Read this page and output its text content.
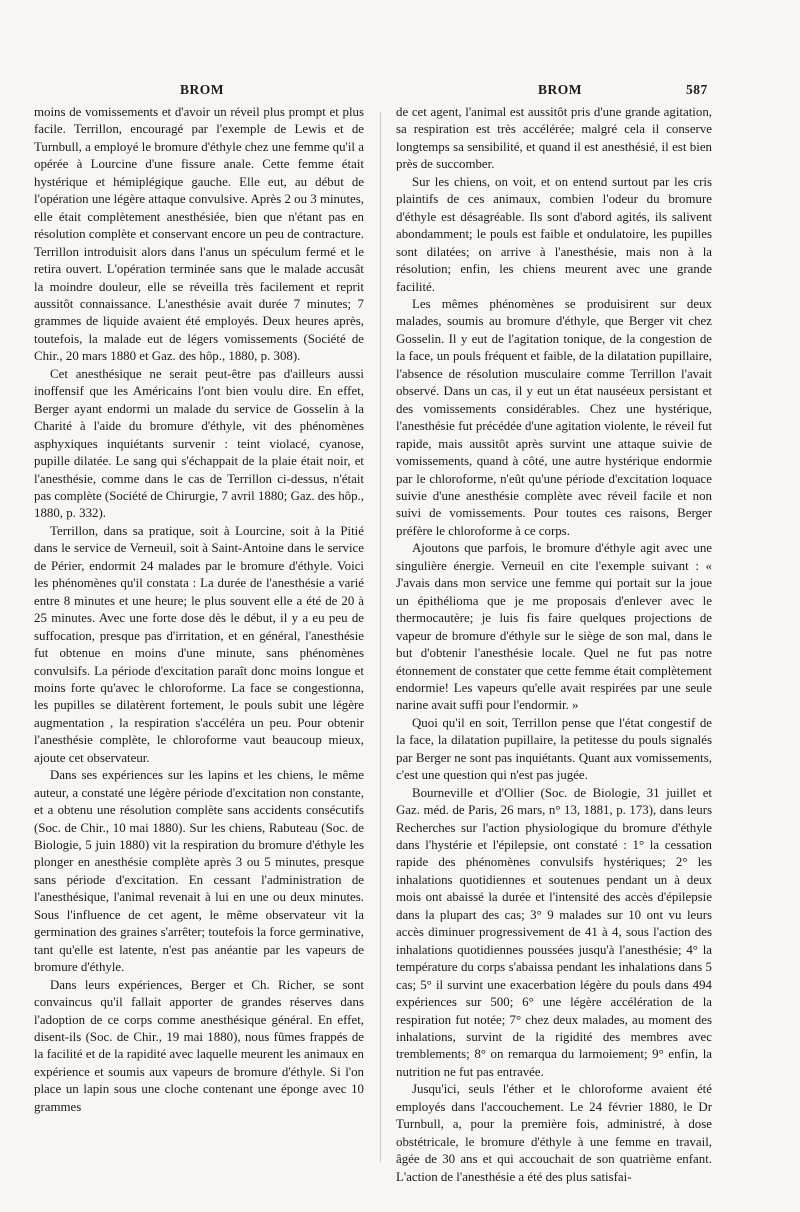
BROM	BROM	587

moins de vomissements et d'avoir un réveil plus prompt et plus facile. Terrillon, encouragé par l'exemple de Lewis et de Turnbull, a employé le bromure d'éthyle chez une femme qu'il a opérée à Lourcine d'une fissure anale. Cette femme était hystérique et hémiplégique gauche. Elle eut, au début de l'opération une légère attaque convulsive. Après 2 ou 3 minutes, elle était complètement anesthésiée, bien que n'étant pas en résolution complète et conservant encore un peu de contracture. Terrillon introduisit alors dans l'anus un spéculum fermé et le retira ouvert. L'opération terminée sans que le malade accusât la moindre douleur, elle se réveilla très facilement et reprit aussitôt connaissance. L'anesthésie avait durée 7 minutes; 7 grammes de liquide avaient été employés. Deux heures après, toutefois, la malade eut de légers vomissements (Société de Chir., 20 mars 1880 et Gaz. des hôp., 1880, p. 308).

Cet anesthésique ne serait peut-être pas d'ailleurs aussi inoffensif que les Américains l'ont bien voulu dire. En effet, Berger ayant endormi un malade du service de Gosselin à la Charité à l'aide du bromure d'éthyle, vit des phénomènes asphyxiques inquiétants survenir : teint violacé, cyanose, pupille dilatée. Le sang qui s'échappait de la plaie était noir, et l'anesthésie, comme dans le cas de Terrillon ci-dessus, n'était pas complète (Société de Chirurgie, 7 avril 1880; Gaz. des hôp., 1880, p. 332).

Terrillon, dans sa pratique, soit à Lourcine, soit à la Pitié dans le service de Verneuil, soit à Saint-Antoine dans le service de Périer, endormit 24 malades par le bromure d'éthyle. Voici les phénomènes qu'il constata : La durée de l'anesthésie a varié entre 8 minutes et une heure; le plus souvent elle a été de 20 à 25 minutes. Avec une forte dose dès le début, il y a eu peu de suffocation, presque pas d'irritation, et en général, l'anesthésie fut obtenue en moins d'une minute, sans phénomènes convulsifs. La période d'excitation paraît donc moins longue et moins forte qu'avec le chloroforme. La face se congestionna, les pupilles se dilatèrent fortement, le pouls subit une légère augmentation , la respiration s'accéléra un peu. Pour obtenir l'anesthésie complète, le chloroforme vaut beaucoup mieux, ajoute cet observateur.

Dans ses expériences sur les lapins et les chiens, le même auteur, a constaté une légère période d'excitation non constante, et a obtenu une résolution complète sans accidents consécutifs (Soc. de Chir., 10 mai 1880). Sur les chiens, Rabuteau (Soc. de Biologie, 5 juin 1880) vit la respiration du bromure d'éthyle les plonger en anesthésie complète après 3 ou 5 minutes, presque sans période d'excitation. En cessant l'administration de l'anesthésique, l'animal revenait à lui en une ou deux minutes. Sous l'influence de cet agent, le même observateur vit la germination des graines s'arrêter; toutefois la force germinative, tant qu'elle est latente, n'est pas anéantie par les vapeurs de bromure d'éthyle.

Dans leurs expériences, Berger et Ch. Richer, se sont convaincus qu'il fallait apporter de grandes réserves dans l'adoption de ce corps comme anesthésique général. En effet, disent-ils (Soc. de Chir., 19 mai 1880), nous fûmes frappés de la facilité et de la rapidité avec laquelle meurent les animaux en expérience et soumis aux vapeurs de bromure d'éthyle. Si l'on place un lapin sous une cloche contenant une éponge avec 10 grammes

de cet agent, l'animal est aussitôt pris d'une grande agitation, sa respiration est très accélérée; malgré cela il conserve longtemps sa sensibilité, et quand il est anesthésié, il est bien près de succomber.

Sur les chiens, on voit, et on entend surtout par les cris plaintifs de ces animaux, combien l'odeur du bromure d'éthyle est désagréable. Ils sont d'abord agités, ils salivent abondamment; le pouls est faible et ondulatoire, les pupilles sont dilatées; on arrive à l'anesthésie, mais non à la résolution; enfin, les chiens meurent avec une grande facilité.

Les mêmes phénomènes se produisirent sur deux malades, soumis au bromure d'éthyle, que Berger vit chez Gosselin. Il y eut de l'agitation tonique, de la congestion de la face, un pouls fréquent et faible, de la dilatation pupillaire, l'absence de résolution musculaire comme Terrillon l'avait observé. Dans un cas, il y eut un état nauséeux persistant et des vomissements considérables. Chez une hystérique, l'anesthésie fut précédée d'une agitation violente, le réveil fut rapide, mais aussitôt après survint une attaque suivie de vomissements, quand à côté, une autre hystérique endormie par le chloroforme, n'eût qu'une période d'excitation loquace suivie d'une anesthésie complète avec réveil facile et non suivi de vomissements. Pour toutes ces raisons, Berger préfère le chloroforme à ce corps.

Ajoutons que parfois, le bromure d'éthyle agit avec une singulière énergie. Verneuil en cite l'exemple suivant : « J'avais dans mon service une femme qui portait sur la joue un épithélioma que je me proposais d'enlever avec le thermocautère; je luis fis faire quelques projections de vapeur de bromure d'éthyle sur le siège de son mal, dans le but d'obtenir l'anesthésie locale. Quel ne fut pas notre étonnement de constater que cette femme était complètement endormie! Les vapeurs qu'elle avait respirées par une seule narine avait suffi pour l'endormir. »

Quoi qu'il en soit, Terrillon pense que l'état congestif de la face, la dilatation pupillaire, la petitesse du pouls signalés par Berger ne sont pas inquiétants. Quant aux vomissements, c'est une question qui n'est pas jugée.

Bourneville et d'Ollier (Soc. de Biologie, 31 juillet et Gaz. méd. de Paris, 26 mars, n° 13, 1881, p. 173), dans leurs Recherches sur l'action physiologique du bromure d'éthyle dans l'hystérie et l'épilepsie, ont constaté : 1° la cessation rapide des phénomènes convulsifs hystériques; 2° les inhalations quotidiennes et soutenues pendant un à deux mois ont abaissé la durée et l'intensité des accès d'épilepsie dans la plupart des cas; 3° 9 malades sur 10 ont vu leurs accès diminuer progressivement de 41 à 4, sous l'action des inhalations quotidiennes poussées jusqu'à l'anesthésie; 4° la température du corps s'abaissa pendant les inhalations dans 5 cas; 5° il survint une exacerbation légère du pouls dans 494 expériences sur 500; 6° une légère accélération de la respiration fut notée; 7° chez deux malades, au moment des inhalations, survint de la rigidité des membres avec tremblements; 8° on remarqua du larmoiement; 9° enfin, la nutrition ne fut pas entravée.

Jusqu'ici, seuls l'éther et le chloroforme avaient été employés dans l'accouchement. Le 24 février 1880, le Dr Turnbull, a, pour la première fois, administré, à dose obstétricale, le bromure d'éthyle à une femme en travail, âgée de 30 ans et qui accouchait de son quatrième enfant. L'action de l'anesthésie a été des plus satisfai-
